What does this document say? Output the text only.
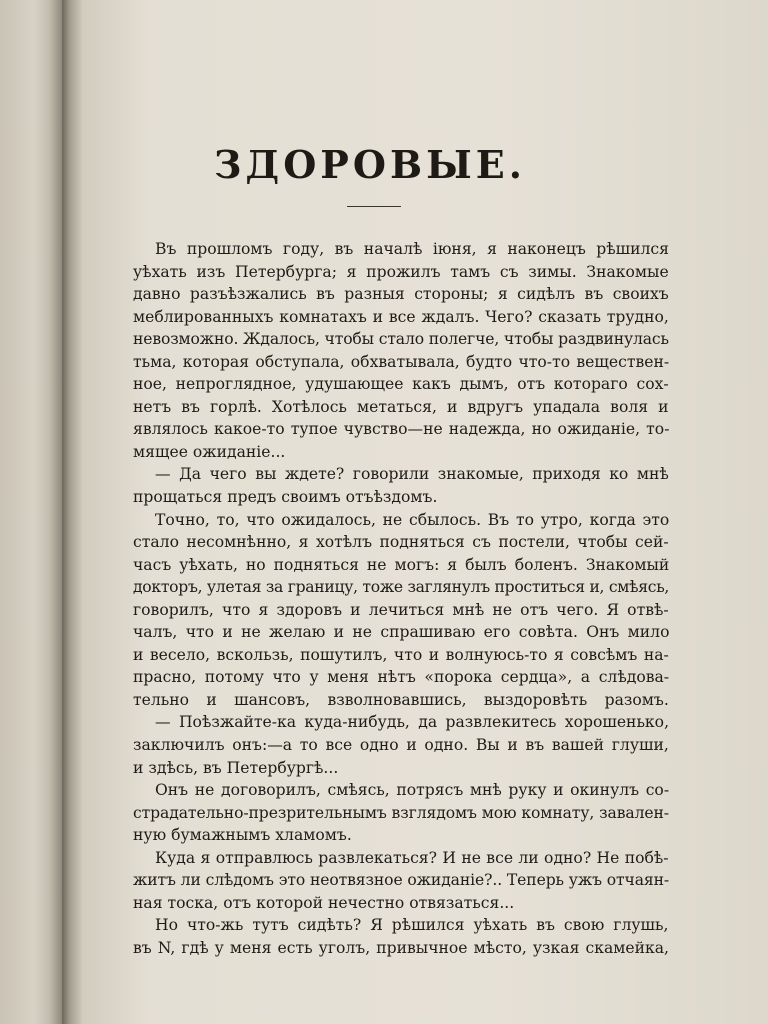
ЗДОРОВЫЕ.

Въ прошломъ году, въ началѣ іюня, я наконецъ рѣшился
уѣхать изъ Петербурга; я прожилъ тамъ съ зимы. Знакомые
давно разъѣзжались въ разныя стороны; я сидѣлъ въ своихъ
меблированныхъ комнатахъ и все ждалъ. Чего? сказать трудно,
невозможно. Ждалось, чтобы стало полегче, чтобы раздвинулась
тьма, которая обступала, обхватывала, будто что-то веществен-
ное, непроглядное, удушающее какъ дымъ, отъ котораго сох-
нетъ въ горлѣ. Хотѣлось метаться, и вдругъ упадала воля и
являлось какое-то тупое чувство—не надежда, но ожиданіе, то-
мящее ожиданіе...

— Да чего вы ждете? говорили знакомые, приходя ко мнѣ
прощаться предъ своимъ отъѣздомъ.

Точно, то, что ожидалось, не сбылось. Въ то утро, когда это
стало несомнѣнно, я хотѣлъ подняться съ постели, чтобы сей-
часъ уѣхать, но подняться не могъ: я былъ боленъ. Знакомый
докторъ, улетая за границу, тоже заглянулъ проститься и, смѣясь,
говорилъ, что я здоровъ и лечиться мнѣ не отъ чего. Я отвѣ-
чалъ, что и не желаю и не спрашиваю его совѣта. Онъ мило
и весело, вскользь, пошутилъ, что и волнуюсь-то я совсѣмъ на-
прасно, потому что у меня нѣтъ «порока сердца», а слѣдова-
тельно и шансовъ, взволновавшись, выздоровѣть разомъ.

— Поѣзжайте-ка куда-нибудь, да развлекитесь хорошенько,
заключилъ онъ:—а то все одно и одно. Вы и въ вашей глуши,
и здѣсь, въ Петербургѣ...

Онъ не договорилъ, смѣясь, потрясъ мнѣ руку и окинулъ со-
страдательно-презрительнымъ взглядомъ мою комнату, завален-
ную бумажнымъ хламомъ.

Куда я отправлюсь развлекаться? И не все ли одно? Не побѣ-
житъ ли слѣдомъ это неотвязное ожиданіе?.. Теперь ужъ отчаян-
ная тоска, отъ которой нечестно отвязаться...

Но что-жь тутъ сидѣть? Я рѣшился уѣхать въ свою глушь,
въ N, гдѣ у меня есть уголъ, привычное мѣсто, узкая скамейка,
